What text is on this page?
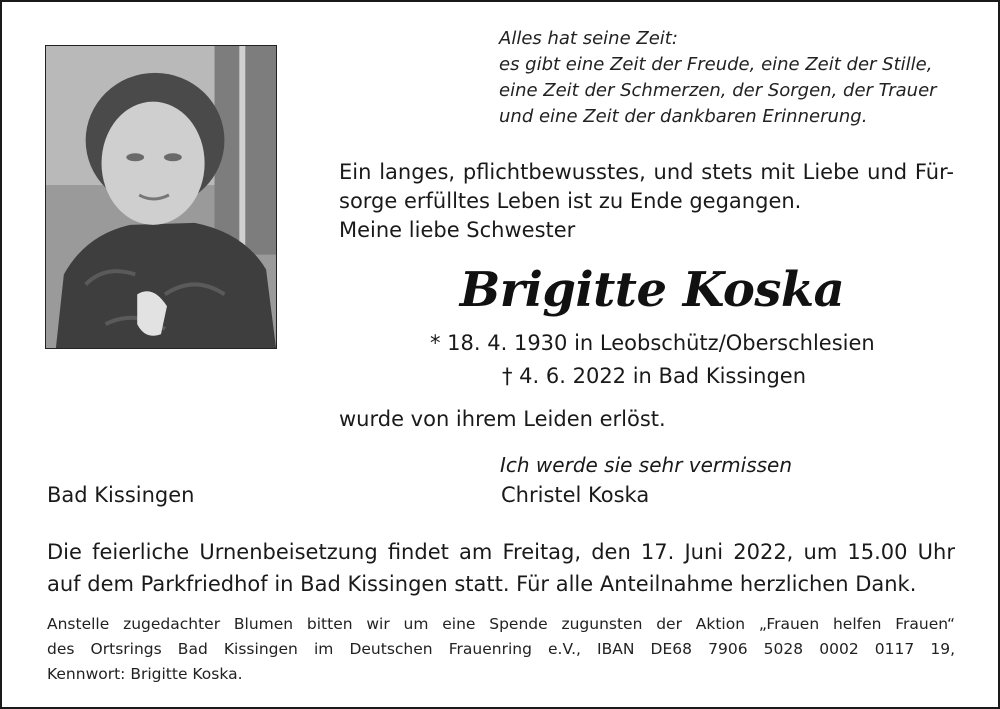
Alles hat seine Zeit:
es gibt eine Zeit der Freude, eine Zeit der Stille,
eine Zeit der Schmerzen, der Sorgen, der Trauer
und eine Zeit der dankbaren Erinnerung.
Ein langes, pflichtbewusstes, und stets mit Liebe und Für-
sorge erfülltes Leben ist zu Ende gegangen.
Meine liebe Schwester
Brigitte Koska
* 18. 4. 1930 in Leobschütz/Oberschlesien
† 4. 6. 2022 in Bad Kissingen
wurde von ihrem Leiden erlöst.
Ich werde sie sehr vermissen
Christel Koska
Bad Kissingen
Die feierliche Urnenbeisetzung findet am Freitag, den 17. Juni 2022, um 15.00 Uhr
auf dem Parkfriedhof in Bad Kissingen statt. Für alle Anteilnahme herzlichen Dank.
Anstelle zugedachter Blumen bitten wir um eine Spende zugunsten der Aktion „Frauen helfen Frauen“
des Ortsrings Bad Kissingen im Deutschen Frauenring e.V., IBAN DE68 7906 5028 0002 0117 19,
Kennwort: Brigitte Koska.
